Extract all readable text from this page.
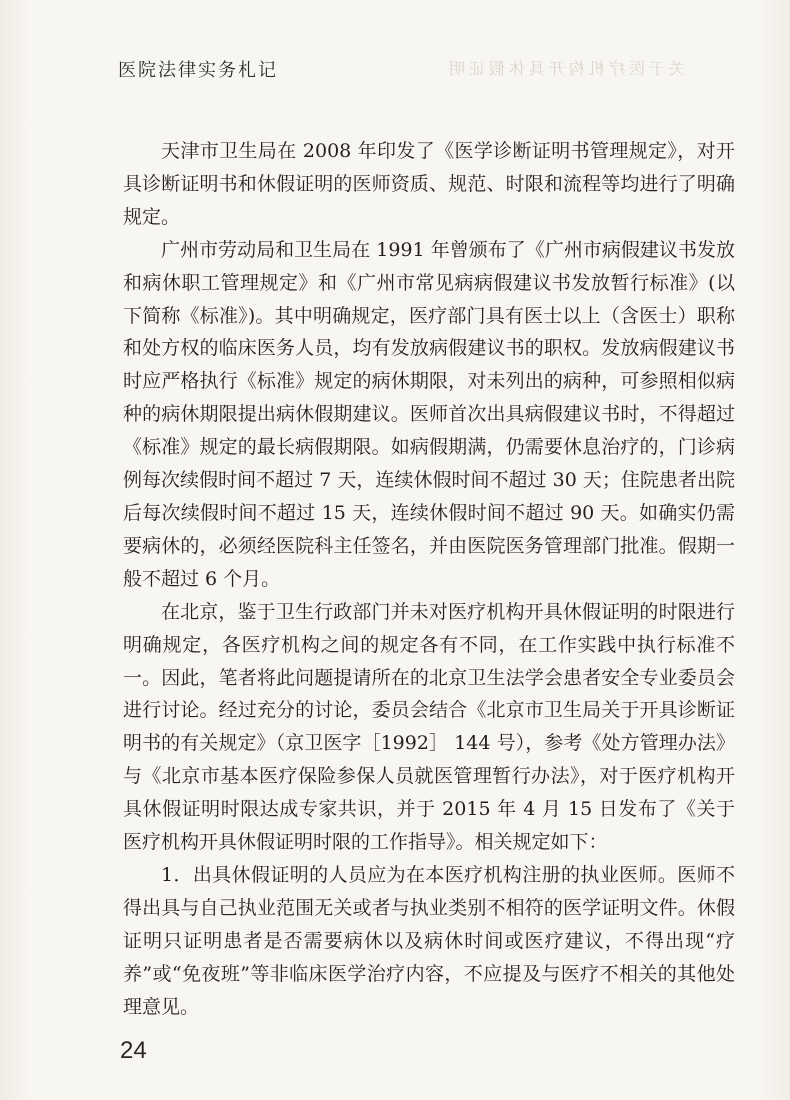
医院法律实务札记	关于医疗机构开具休假证明

天津市卫生局在 2008 年印发了《医学诊断证明书管理规定》，对开具诊断证明书和休假证明的医师资质、规范、时限和流程等均进行了明确规定。

广州市劳动局和卫生局在 1991 年曾颁布了《广州市病假建议书发放和病休职工管理规定》和《广州市常见病病假建议书发放暂行标准》(以下简称《标准》)。其中明确规定，医疗部门具有医士以上（含医士）职称和处方权的临床医务人员，均有发放病假建议书的职权。发放病假建议书时应严格执行《标准》规定的病休期限，对未列出的病种，可参照相似病种的病休期限提出病休假期建议。医师首次出具病假建议书时，不得超过《标准》规定的最长病假期限。如病假期满，仍需要休息治疗的，门诊病例每次续假时间不超过 7 天，连续休假时间不超过 30 天；住院患者出院后每次续假时间不超过 15 天，连续休假时间不超过 90 天。如确实仍需要病休的，必须经医院科主任签名，并由医院医务管理部门批准。假期一般不超过 6 个月。

在北京，鉴于卫生行政部门并未对医疗机构开具休假证明的时限进行明确规定，各医疗机构之间的规定各有不同，在工作实践中执行标准不一。因此，笔者将此问题提请所在的北京卫生法学会患者安全专业委员会进行讨论。经过充分的讨论，委员会结合《北京市卫生局关于开具诊断证明书的有关规定》（京卫医字［1992］ 144 号），参考《处方管理办法》与《北京市基本医疗保险参保人员就医管理暂行办法》，对于医疗机构开具休假证明时限达成专家共识，并于 2015 年 4 月 15 日发布了《关于医疗机构开具休假证明时限的工作指导》。相关规定如下：

1．出具休假证明的人员应为在本医疗机构注册的执业医师。医师不得出具与自己执业范围无关或者与执业类别不相符的医学证明文件。休假证明只证明患者是否需要病休以及病休时间或医疗建议，不得出现“疗养”或“免夜班”等非临床医学治疗内容，不应提及与医疗不相关的其他处理意见。

24
